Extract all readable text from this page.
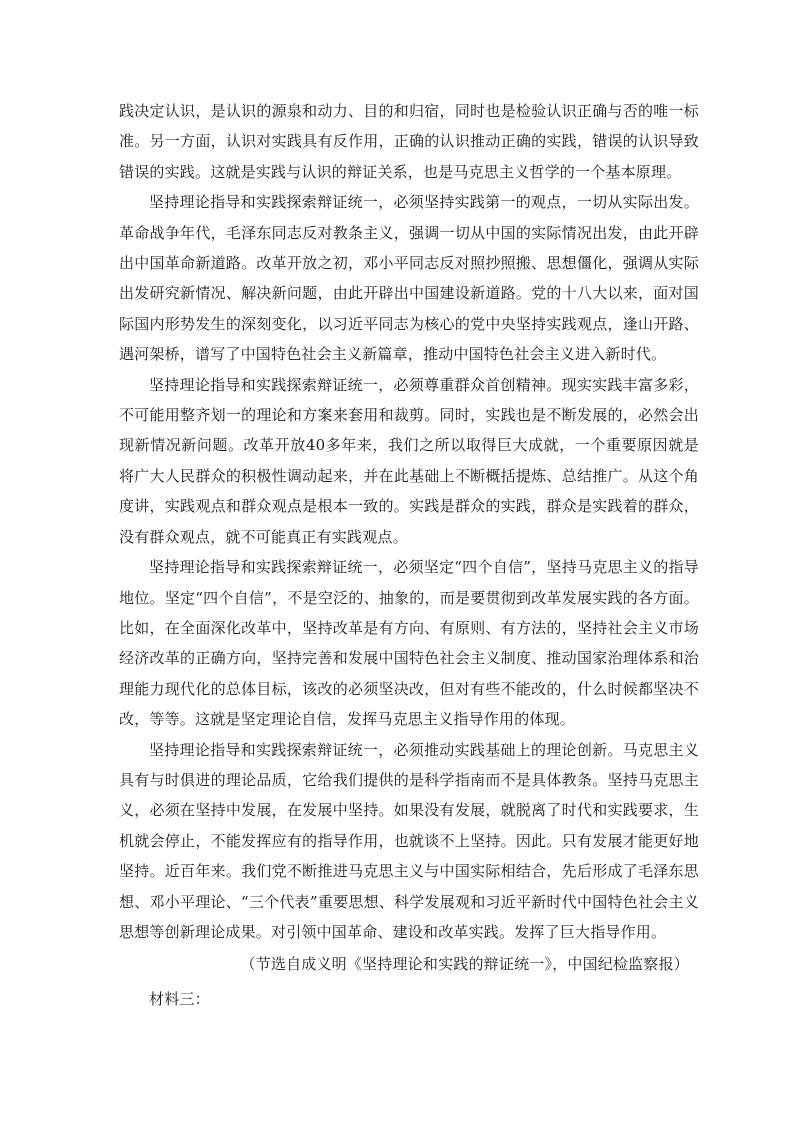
践决定认识，是认识的源泉和动力、目的和归宿，同时也是检验认识正确与否的唯一标准。另一方面，认识对实践具有反作用，正确的认识推动正确的实践，错误的认识导致错误的实践。这就是实践与认识的辩证关系，也是马克思主义哲学的一个基本原理。

坚持理论指导和实践探索辩证统一，必须坚持实践第一的观点，一切从实际出发。革命战争年代，毛泽东同志反对教条主义，强调一切从中国的实际情况出发，由此开辟出中国革命新道路。改革开放之初，邓小平同志反对照抄照搬、思想僵化，强调从实际出发研究新情况、解决新问题，由此开辟出中国建设新道路。党的十八大以来，面对国际国内形势发生的深刻变化，以习近平同志为核心的党中央坚持实践观点，逢山开路、遇河架桥，谱写了中国特色社会主义新篇章，推动中国特色社会主义进入新时代。

坚持理论指导和实践探索辩证统一，必须尊重群众首创精神。现实实践丰富多彩，不可能用整齐划一的理论和方案来套用和裁剪。同时，实践也是不断发展的，必然会出现新情况新问题。改革开放40多年来，我们之所以取得巨大成就，一个重要原因就是将广大人民群众的积极性调动起来，并在此基础上不断概括提炼、总结推广。从这个角度讲，实践观点和群众观点是根本一致的。实践是群众的实践，群众是实践着的群众，没有群众观点，就不可能真正有实践观点。

坚持理论指导和实践探索辩证统一，必须坚定“四个自信”，坚持马克思主义的指导地位。坚定“四个自信”，不是空泛的、抽象的，而是要贯彻到改革发展实践的各方面。比如，在全面深化改革中，坚持改革是有方向、有原则、有方法的，坚持社会主义市场经济改革的正确方向，坚持完善和发展中国特色社会主义制度、推动国家治理体系和治理能力现代化的总体目标，该改的必须坚决改，但对有些不能改的，什么时候都坚决不改，等等。这就是坚定理论自信，发挥马克思主义指导作用的体现。

坚持理论指导和实践探索辩证统一，必须推动实践基础上的理论创新。马克思主义具有与时俱进的理论品质，它给我们提供的是科学指南而不是具体教条。坚持马克思主义，必须在坚持中发展，在发展中坚持。如果没有发展，就脱离了时代和实践要求，生机就会停止，不能发挥应有的指导作用，也就谈不上坚持。因此。只有发展才能更好地坚持。近百年来。我们党不断推进马克思主义与中国实际相结合，先后形成了毛泽东思想、邓小平理论、“三个代表”重要思想、科学发展观和习近平新时代中国特色社会主义思想等创新理论成果。对引领中国革命、建设和改革实践。发挥了巨大指导作用。

（节选自成义明《坚持理论和实践的辩证统一》，中国纪检监察报）

材料三：
